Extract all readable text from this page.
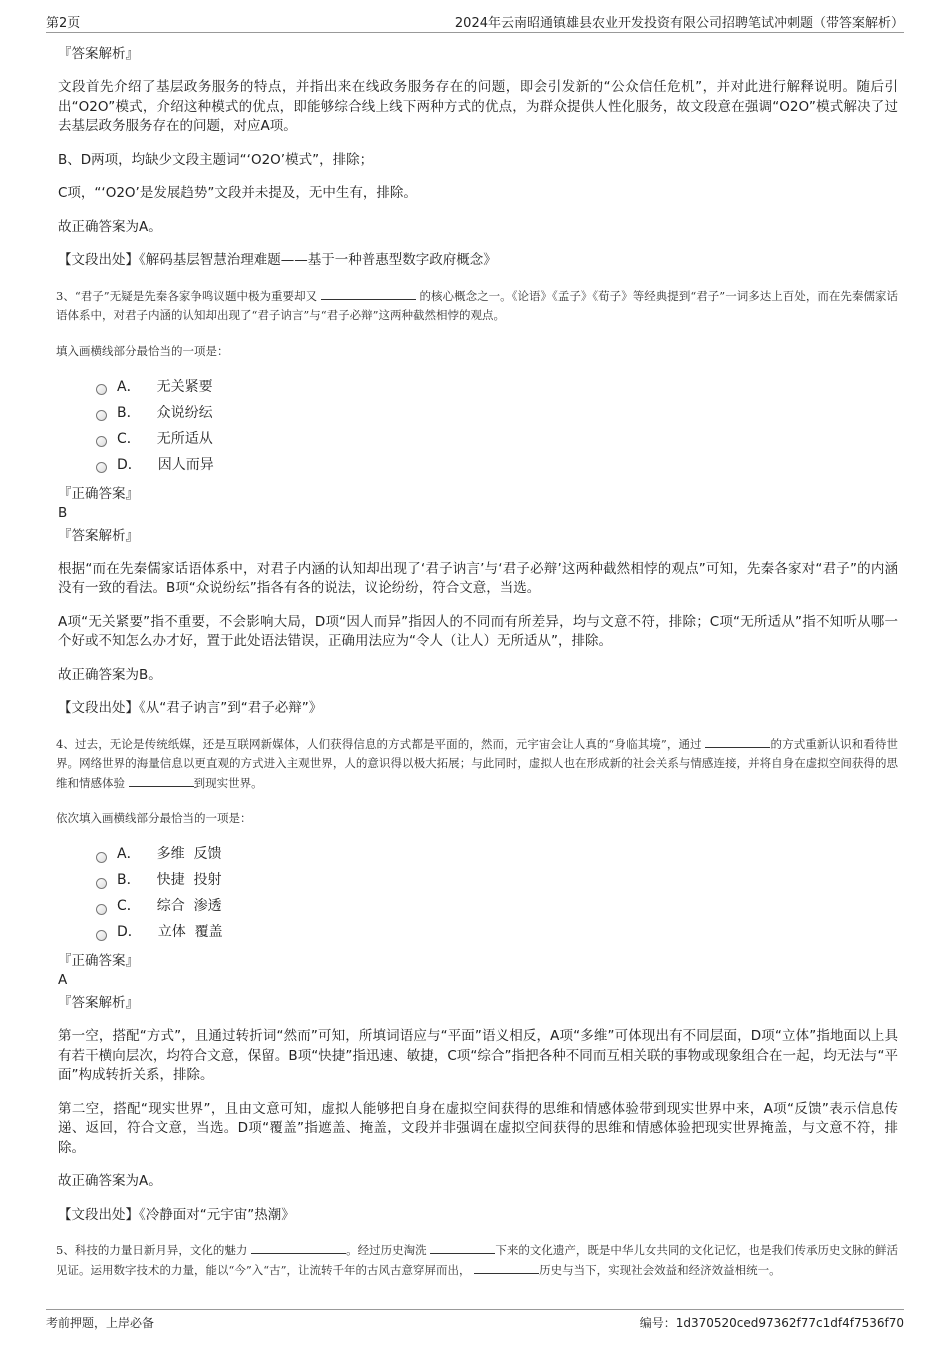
第2页	2024年云南昭通镇雄县农业开发投资有限公司招聘笔试冲刺题（带答案解析）
『答案解析』

文段首先介绍了基层政务服务的特点，并指出来在线政务服务存在的问题，即会引发新的“公众信任危机”，并对此进行解释说明。随后引出“O2O”模式，介绍这种模式的优点，即能够综合线上线下两种方式的优点，为群众提供人性化服务，故文段意在强调“O2O”模式解决了过去基层政务服务存在的问题，对应A项。

B、D两项，均缺少文段主题词“‘O2O’模式”，排除；

C项，“‘O2O’是发展趋势”文段并未提及，无中生有，排除。

故正确答案为A。

【文段出处】《解码基层智慧治理难题——基于一种普惠型数字政府概念》

3、“君子”无疑是先秦各家争鸣议题中极为重要却又	的核心概念之一。《论语》《孟子》《荀子》等经典提到“君子”一词多达上百处，而在先秦儒家话语体系中，对君子内涵的认知却出现了“君子讷言”与“君子必辩”这两种截然相悖的观点。

填入画横线部分最恰当的一项是：

A． 无关紧要
B． 众说纷纭
C． 无所适从
D． 因人而异
『正确答案』
B
『答案解析』

根据“而在先秦儒家话语体系中，对君子内涵的认知却出现了‘君子讷言’与‘君子必辩’这两种截然相悖的观点”可知，先秦各家对“君子”的内涵没有一致的看法。B项“众说纷纭”指各有各的说法，议论纷纷，符合文意，当选。

A项“无关紧要”指不重要，不会影响大局，D项“因人而异”指因人的不同而有所差异，均与文意不符，排除；C项“无所适从”指不知听从哪一个好或不知怎么办才好，置于此处语法错误，正确用法应为“令人（让人）无所适从”，排除。

故正确答案为B。

【文段出处】《从“君子讷言”到“君子必辩”》

4、过去，无论是传统纸媒，还是互联网新媒体，人们获得信息的方式都是平面的，然而，元宇宙会让人真的“身临其境”，通过	的方式重新认识和看待世界。网络世界的海量信息以更直观的方式进入主观世界，人的意识得以极大拓展；与此同时，虚拟人也在形成新的社会关系与情感连接，并将自身在虚拟空间获得的思维和情感体验	到现实世界。

依次填入画横线部分最恰当的一项是：

A． 多维  反馈
B． 快捷  投射
C． 综合  渗透
D． 立体  覆盖
『正确答案』
A
『答案解析』

第一空，搭配“方式”，且通过转折词“然而”可知，所填词语应与“平面”语义相反，A项“多维”可体现出有不同层面，D项“立体”指地面以上具有若干横向层次，均符合文意，保留。B项“快捷”指迅速、敏捷，C项“综合”指把各种不同而互相关联的事物或现象组合在一起，均无法与“平面”构成转折关系，排除。

第二空，搭配“现实世界”，且由文意可知，虚拟人能够把自身在虚拟空间获得的思维和情感体验带到现实世界中来，A项“反馈”表示信息传递、返回，符合文意，当选。D项“覆盖”指遮盖、掩盖，文段并非强调在虚拟空间获得的思维和情感体验把现实世界掩盖，与文意不符，排除。

故正确答案为A。

【文段出处】《冷静面对“元宇宙”热潮》

5、科技的力量日新月异，文化的魅力	。经过历史淘洗	下来的文化遗产，既是中华儿女共同的文化记忆，也是我们传承历史文脉的鲜活见证。运用数字技术的力量，能以“今”入“古”，让流转千年的古风古意穿屏而出，	历史与当下，实现社会效益和经济效益相统一。

考前押题，上岸必备	编号：1d370520ced97362f77c1df4f7536f70
